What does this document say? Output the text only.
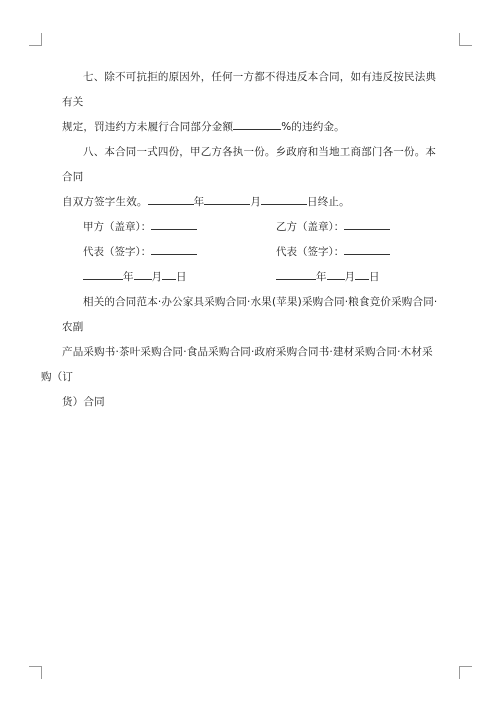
七、除不可抗拒的原因外，任何一方都不得违反本合同，如有违反按民法典有关
规定，罚违约方未履行合同部分金额	%的违约金。

八、本合同一式四份，甲乙方各执一份。乡政府和当地工商部门各一份。本合同
自双方签字生效。	年	月	日终止。

甲方（盖章）：	乙方（盖章）：
代表（签字）：	代表（签字）：
年 月 日	年 月 日

相关的合同范本·办公家具采购合同·水果(苹果)采购合同·粮食竞价采购合同·农副
产品采购书·茶叶采购合同·食品采购合同·政府采购合同书·建材采购合同·木材采购（订
货）合同
